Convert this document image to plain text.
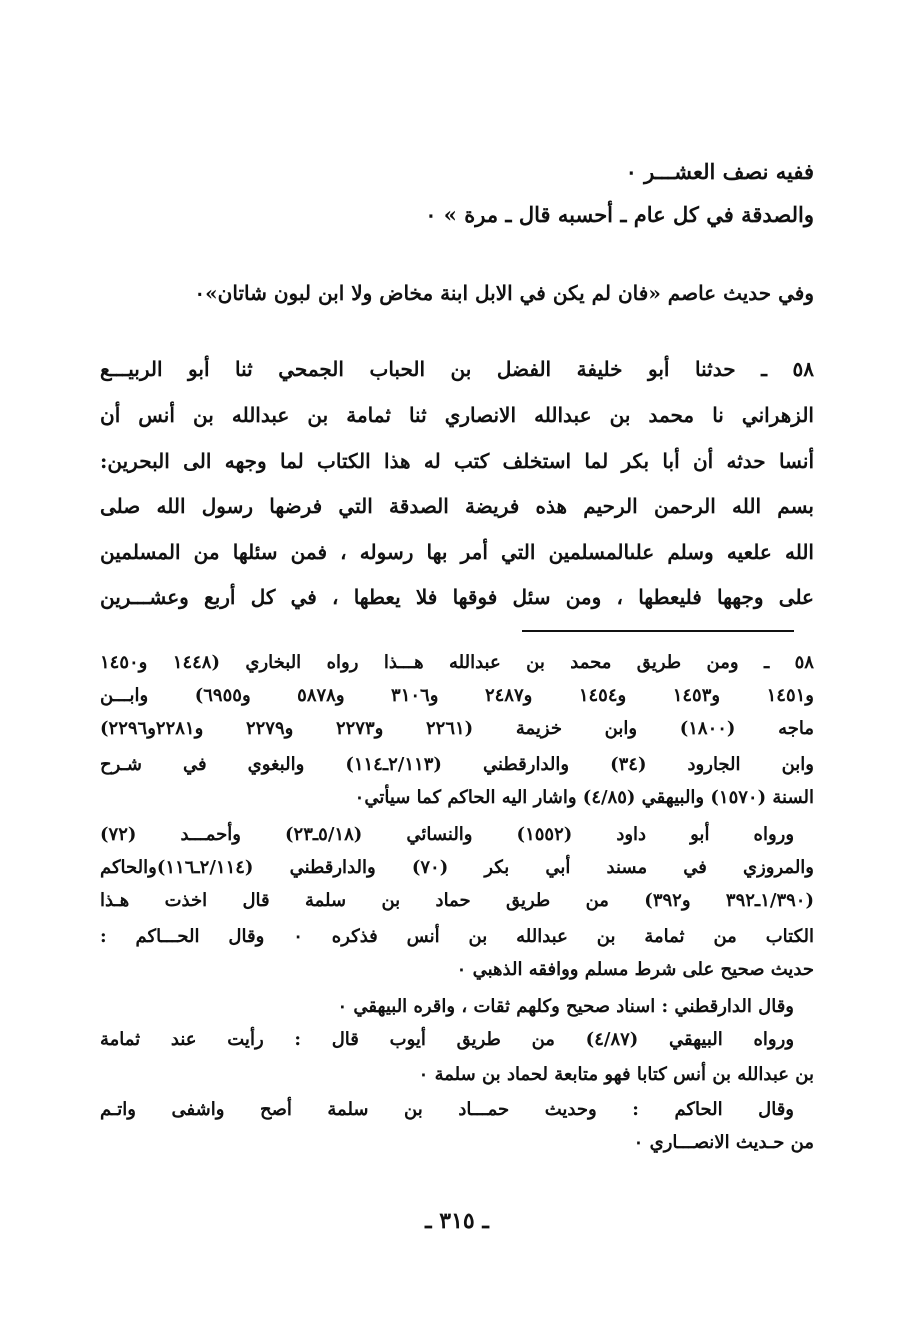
ففيه نصف العشـــر ٠
والصدقة في كل عام ـ أحسبه قال ـ مرة » ٠
وفي حديث عاصم «فان لم يكن في الابل ابنة مخاض ولا ابن لبون شاتان»٠
٥٨ ـ حدثنا أبو خليفة الفضل بن الحباب الجمحي ثنا أبو الربيـــع
الزهراني نا محمد بن عبدالله الانصاري ثنا ثمامة بن عبدالله بن أنس أن
أنسا حدثه أن أبا بكر لما استخلف كتب له هذا الكتاب لما وجهه الى البحرين:
بسم الله الرحمن الرحيم هذه فريضة الصدقة التي فرضها رسول الله صلى
الله علعيه وسلم علىالمسلمين التي أمر بها رسوله ، فمن سئلها من المسلمين
على وجهها فليعطها ، ومن سئل فوقها فلا يعطها ، في كل أربع وعشـــرين
٥٨ ـ ومن طريق محمد بن عبدالله هـــذا رواه البخاري (١٤٤٨ و١٤٥٠
و١٤٥١ و١٤٥٣ و١٤٥٤ و٢٤٨٧ و٣١٠٦ و٥٨٧٨ و٦٩٥٥) وابـــن
ماجه (١٨٠٠) وابن خزيمة (٢٢٦١ و٢٢٧٣ و٢٢٧٩ و٢٢٨١و٢٢٩٦)
وابن الجارود (٣٤) والدارقطني (٢/١١٣ـ١١٤) والبغوي في شـرح
السنة (١٥٧٠) والبيهقي (٤/٨٥) واشار اليه الحاكم كما سيأتي٠
ورواه أبو داود (١٥٥٢) والنسائي (٥/١٨ـ٢٣) وأحمـــد (٧٢)
والمروزي في مسند أبي بكر (٧٠) والدارقطني (٢/١١٤ـ١١٦)والحاكم
(١/٣٩٠ـ٣٩٢ و٣٩٢) من طريق حماد بن سلمة قال اخذت هـذا
الكتاب من ثمامة بن عبدالله بن أنس فذكره ٠ وقال الحـــاكم :
حديث صحيح على شرط مسلم ووافقه الذهبي ٠
وقال الدارقطني : اسناد صحيح وكلهم ثقات ، واقره البيهقي ٠
ورواه البيهقي (٤/٨٧) من طريق أيوب قال : رأيت عند ثمامة
بن عبدالله بن أنس كتابا فهو متابعة لحماد بن سلمة ٠
وقال الحاكم : وحديث حمـــاد بن سلمة أصح واشفى واتـم
من حـديث الانصـــاري ٠
ـ ٣١٥ ـ
